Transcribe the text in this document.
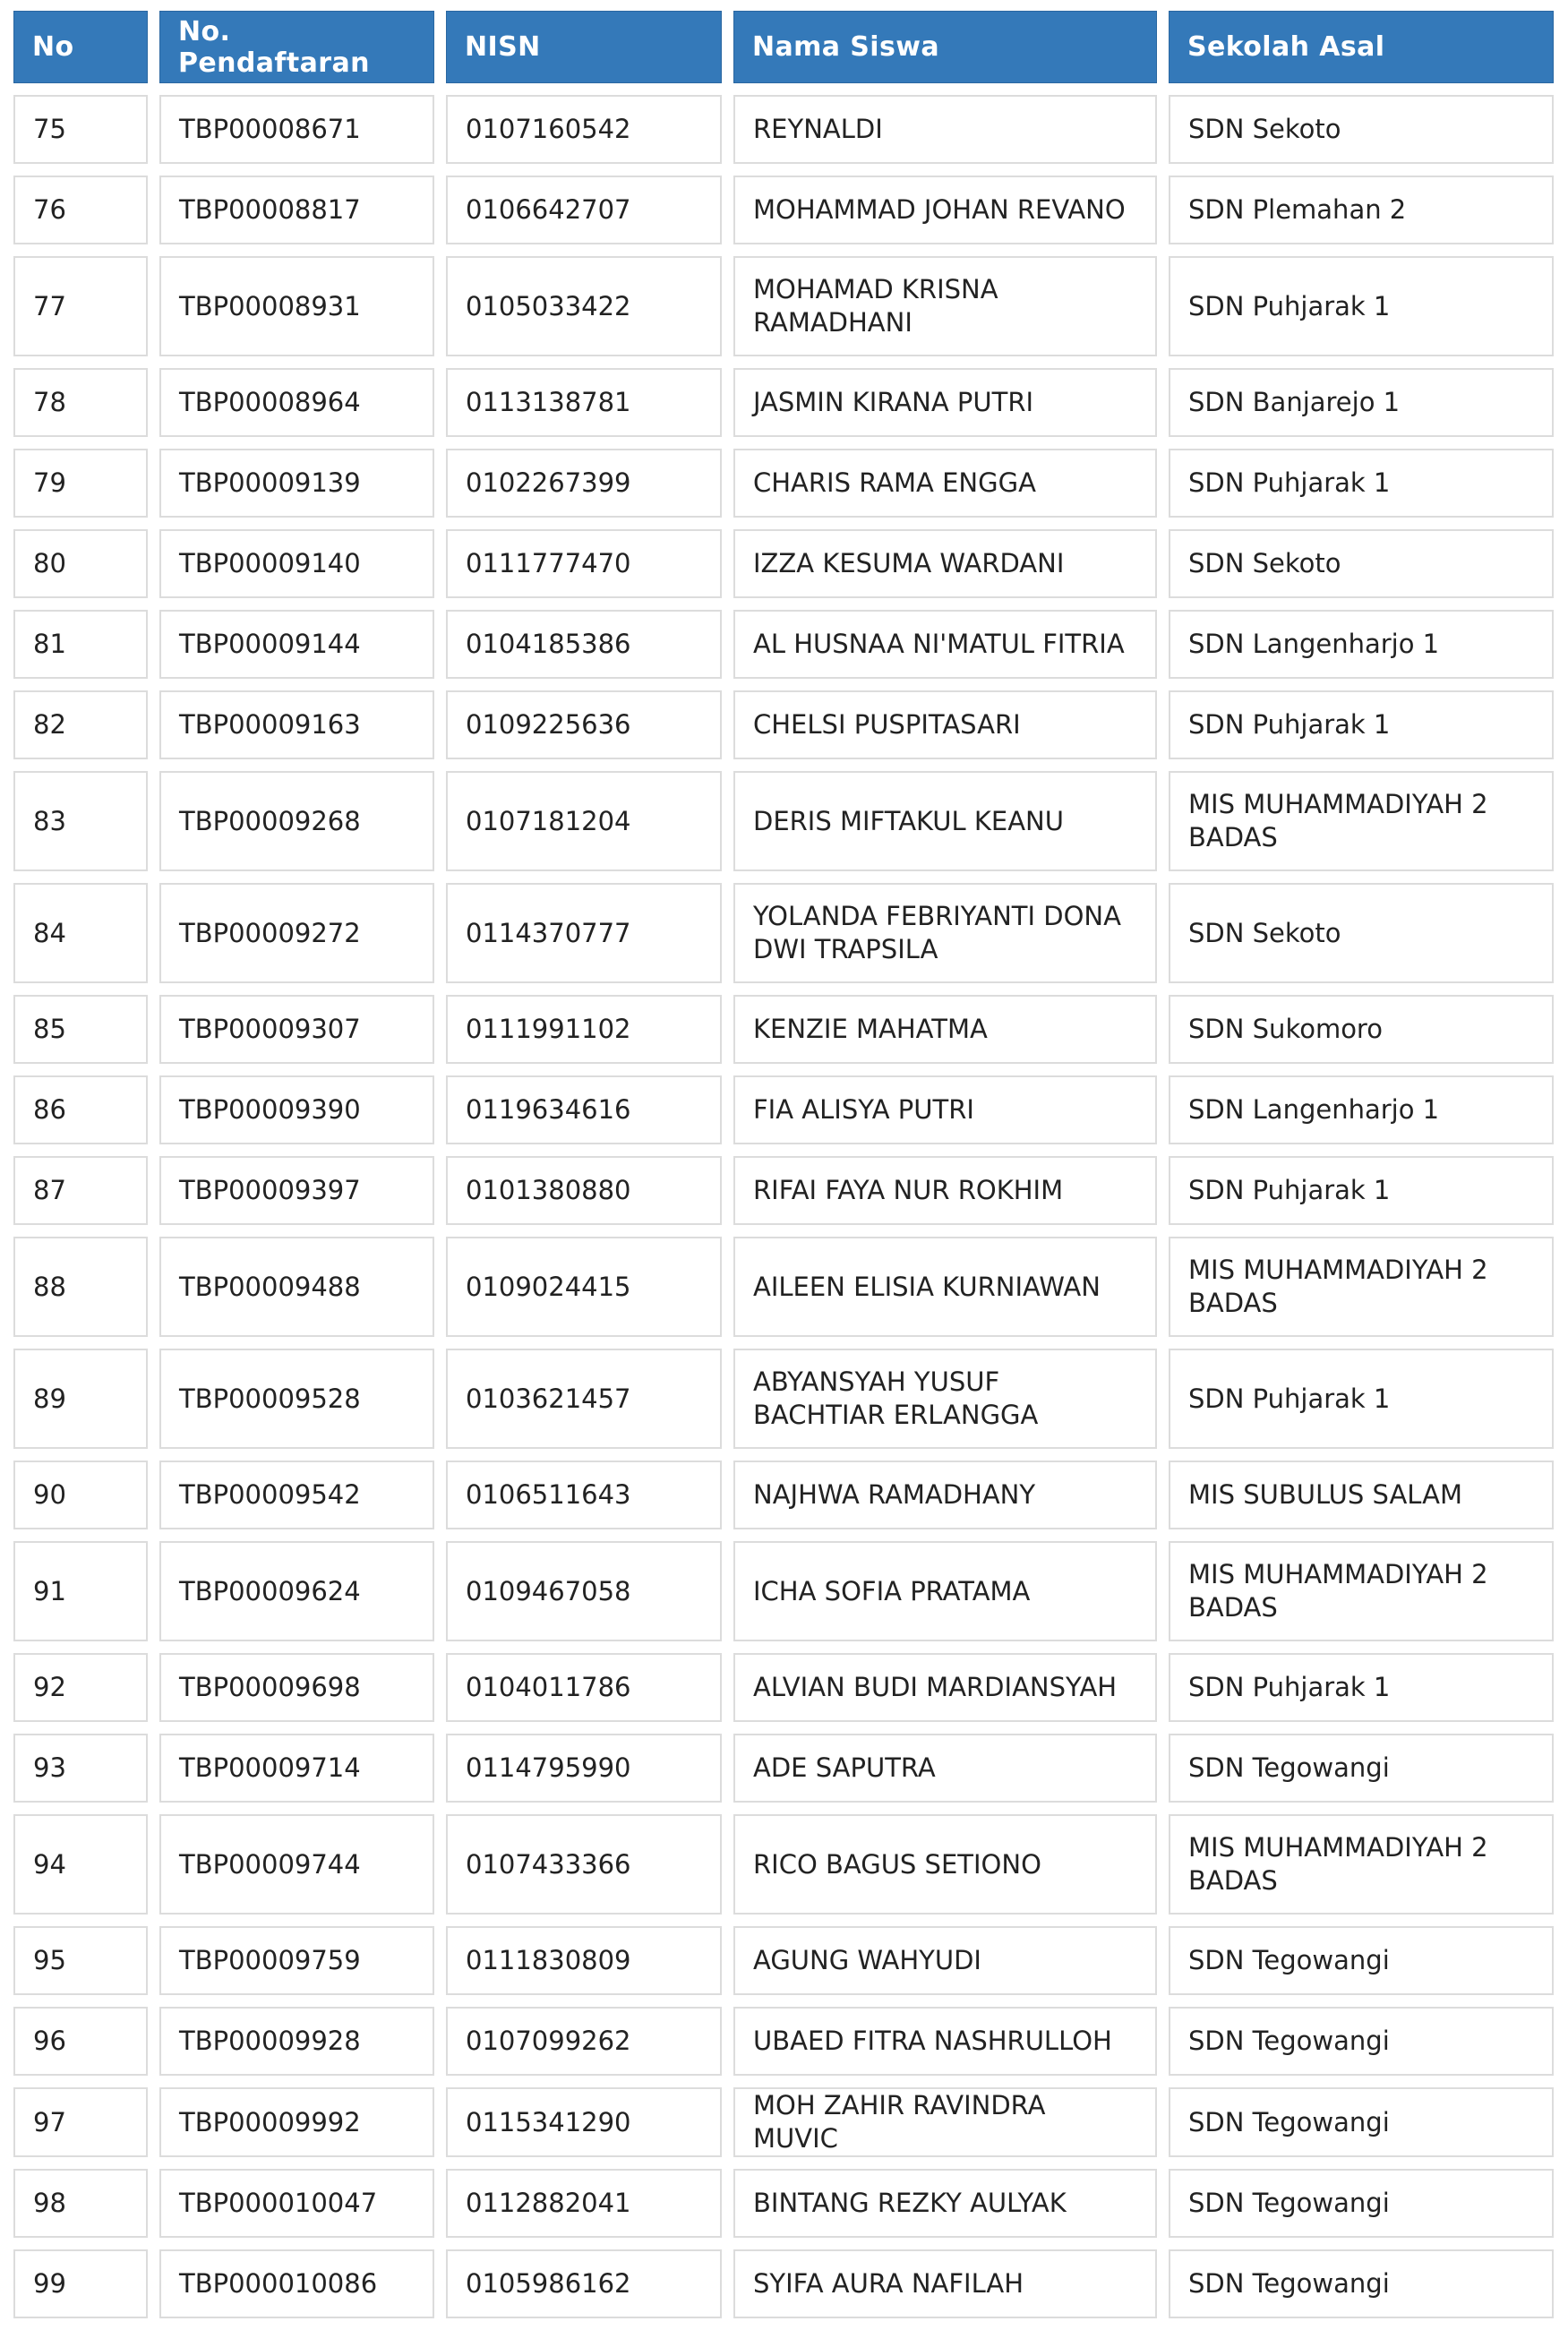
No	No. Pendaftaran	NISN	Nama Siswa	Sekolah Asal
75	TBP00008671	0107160542	REYNALDI	SDN Sekoto
76	TBP00008817	0106642707	MOHAMMAD JOHAN REVANO	SDN Plemahan 2
77	TBP00008931	0105033422	MOHAMAD KRISNA RAMADHANI	SDN Puhjarak 1
78	TBP00008964	0113138781	JASMIN KIRANA PUTRI	SDN Banjarejo 1
79	TBP00009139	0102267399	CHARIS RAMA ENGGA	SDN Puhjarak 1
80	TBP00009140	0111777470	IZZA KESUMA WARDANI	SDN Sekoto
81	TBP00009144	0104185386	AL HUSNAA NI'MATUL FITRIA	SDN Langenharjo 1
82	TBP00009163	0109225636	CHELSI PUSPITASARI	SDN Puhjarak 1
83	TBP00009268	0107181204	DERIS MIFTAKUL KEANU	MIS MUHAMMADIYAH 2 BADAS
84	TBP00009272	0114370777	YOLANDA FEBRIYANTI DONA DWI TRAPSILA	SDN Sekoto
85	TBP00009307	0111991102	KENZIE MAHATMA	SDN Sukomoro
86	TBP00009390	0119634616	FIA ALISYA PUTRI	SDN Langenharjo 1
87	TBP00009397	0101380880	RIFAI FAYA NUR ROKHIM	SDN Puhjarak 1
88	TBP00009488	0109024415	AILEEN ELISIA KURNIAWAN	MIS MUHAMMADIYAH 2 BADAS
89	TBP00009528	0103621457	ABYANSYAH YUSUF BACHTIAR ERLANGGA	SDN Puhjarak 1
90	TBP00009542	0106511643	NAJHWA RAMADHANY	MIS SUBULUS SALAM
91	TBP00009624	0109467058	ICHA SOFIA PRATAMA	MIS MUHAMMADIYAH 2 BADAS
92	TBP00009698	0104011786	ALVIAN BUDI MARDIANSYAH	SDN Puhjarak 1
93	TBP00009714	0114795990	ADE SAPUTRA	SDN Tegowangi
94	TBP00009744	0107433366	RICO BAGUS SETIONO	MIS MUHAMMADIYAH 2 BADAS
95	TBP00009759	0111830809	AGUNG WAHYUDI	SDN Tegowangi
96	TBP00009928	0107099262	UBAED FITRA NASHRULLOH	SDN Tegowangi
97	TBP00009992	0115341290	MOH ZAHIR RAVINDRA MUVIC	SDN Tegowangi
98	TBP000010047	0112882041	BINTANG REZKY AULYAK	SDN Tegowangi
99	TBP000010086	0105986162	SYIFA AURA NAFILAH	SDN Tegowangi
